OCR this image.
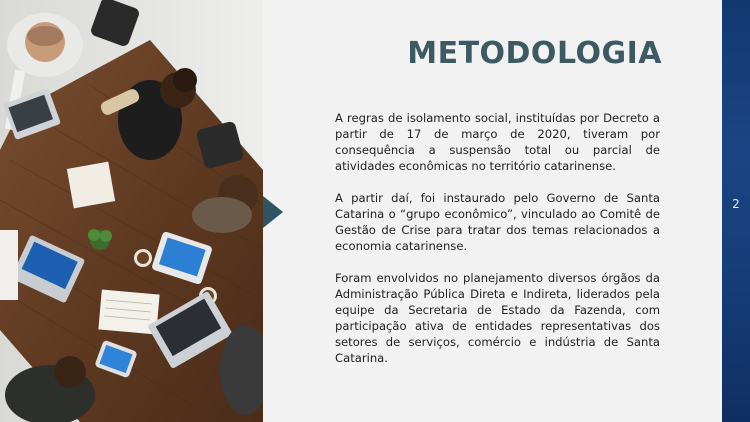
METODOLOGIA

A regras de isolamento social, instituídas por Decreto a partir de 17 de março de 2020, tiveram por consequência a suspensão total ou parcial de atividades econômicas no território catarinense.

A partir daí, foi instaurado pelo Governo de Santa Catarina o “grupo econômico”, vinculado ao Comitê de Gestão de Crise para tratar dos temas relacionados a economia catarinense.

Foram envolvidos no planejamento diversos órgãos da Administração Pública Direta e Indireta, liderados pela equipe da Secretaria de Estado da Fazenda, com participação ativa de entidades representativas dos setores de serviços, comércio e indústria de Santa Catarina.

2
